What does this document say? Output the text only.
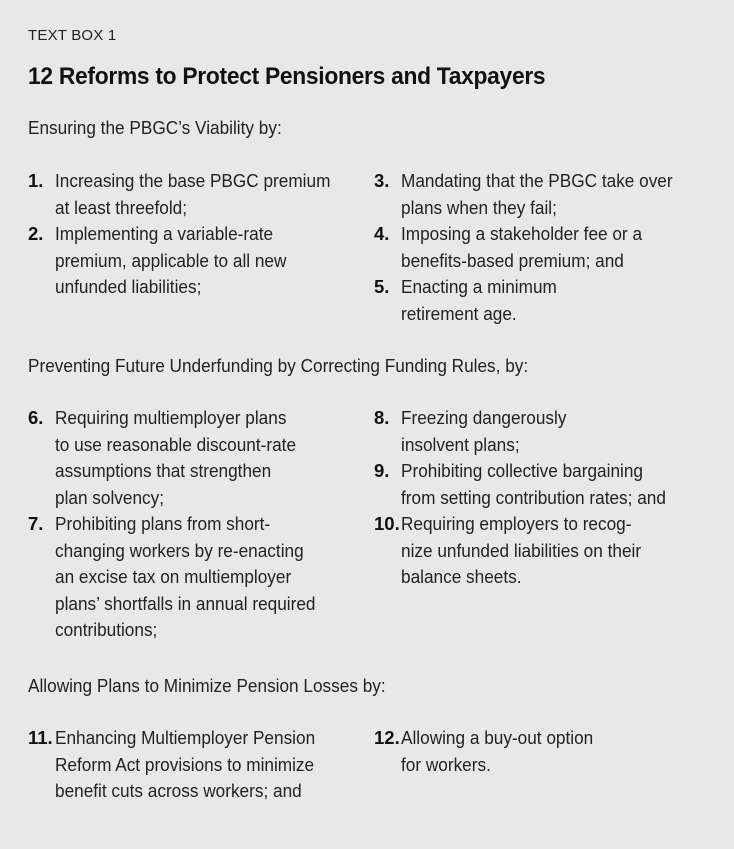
TEXT BOX 1
12 Reforms to Protect Pensioners and Taxpayers
Ensuring the PBGC’s Viability by:
1. Increasing the base PBGC premium
at least threefold;
2. Implementing a variable-rate
premium, applicable to all new
unfunded liabilities;
3. Mandating that the PBGC take over
plans when they fail;
4. Imposing a stakeholder fee or a
benefits-based premium; and
5. Enacting a minimum
retirement age.
Preventing Future Underfunding by Correcting Funding Rules, by:
6. Requiring multiemployer plans
to use reasonable discount-rate
assumptions that strengthen
plan solvency;
7. Prohibiting plans from short-
changing workers by re-enacting
an excise tax on multiemployer
plans’ shortfalls in annual required
contributions;
8. Freezing dangerously
insolvent plans;
9. Prohibiting collective bargaining
from setting contribution rates; and
10. Requiring employers to recog-
nize unfunded liabilities on their
balance sheets.
Allowing Plans to Minimize Pension Losses by:
11. Enhancing Multiemployer Pension
Reform Act provisions to minimize
benefit cuts across workers; and
12. Allowing a buy-out option
for workers.
